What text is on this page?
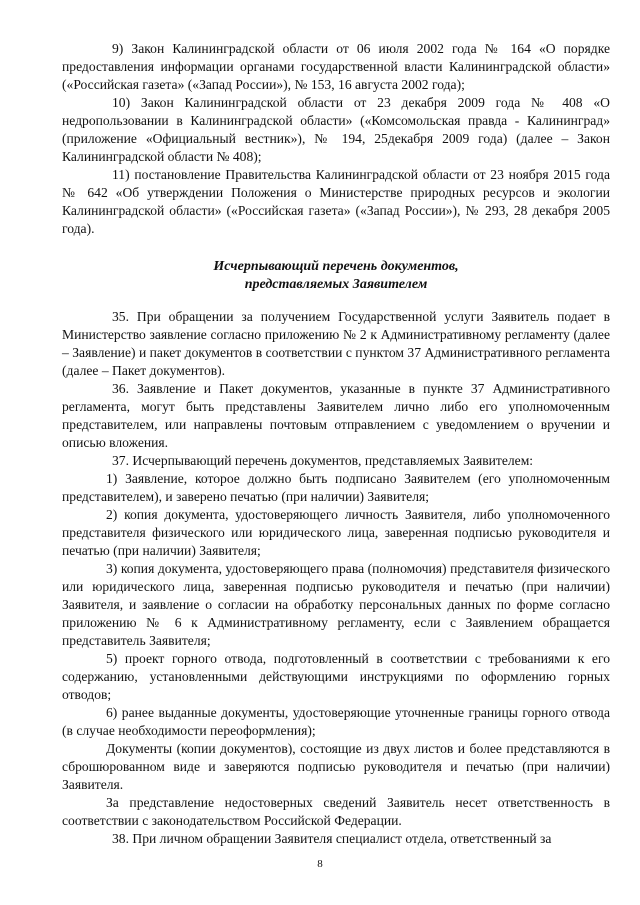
9) Закон Калининградской области от 06 июля 2002 года № 164 «О порядке предоставления информации органами государственной власти Калининградской области» («Российская газета» («Запад России»), № 153, 16 августа 2002 года);

10) Закон Калининградской области от 23 декабря 2009 года № 408 «О недропользовании в Калининградской области» («Комсомольская правда - Калининград» (приложение «Официальный вестник»), № 194, 25декабря 2009 года) (далее – Закон Калининградской области № 408);

11) постановление Правительства Калининградской области от 23 ноября 2015 года № 642 «Об утверждении Положения о Министерстве природных ресурсов и экологии Калининградской области» («Российская газета» («Запад России»), № 293, 28 декабря 2005 года).

Исчерпывающий перечень документов,
представляемых Заявителем

35. При обращении за получением Государственной услуги Заявитель подает в Министерство заявление согласно приложению № 2 к Административному регламенту (далее – Заявление) и пакет документов в соответствии с пунктом 37 Административного регламента (далее – Пакет документов).

36. Заявление и Пакет документов, указанные в пункте 37 Административного регламента, могут быть представлены Заявителем лично либо его уполномоченным представителем, или направлены почтовым отправлением с уведомлением о вручении и описью вложения.

37. Исчерпывающий перечень документов, представляемых Заявителем:

1) Заявление, которое должно быть подписано Заявителем (его уполномоченным представителем), и заверено печатью (при наличии) Заявителя;

2) копия документа, удостоверяющего личность Заявителя, либо уполномоченного представителя физического или юридического лица, заверенная подписью руководителя и печатью (при наличии) Заявителя;

3) копия документа, удостоверяющего права (полномочия) представителя физического или юридического лица, заверенная подписью руководителя и печатью (при наличии) Заявителя, и заявление о согласии на обработку персональных данных по форме согласно приложению № 6 к Административному регламенту, если с Заявлением обращается представитель Заявителя;

5) проект горного отвода, подготовленный в соответствии с требованиями к его содержанию, установленными действующими инструкциями по оформлению горных отводов;

6) ранее выданные документы, удостоверяющие уточненные границы горного отвода (в случае необходимости переоформления);

Документы (копии документов), состоящие из двух листов и более представляются в сброшюрованном виде и заверяются подписью руководителя и печатью (при наличии) Заявителя.

За представление недостоверных сведений Заявитель несет ответственность в соответствии с законодательством Российской Федерации.

38. При личном обращении Заявителя специалист отдела, ответственный за

8
